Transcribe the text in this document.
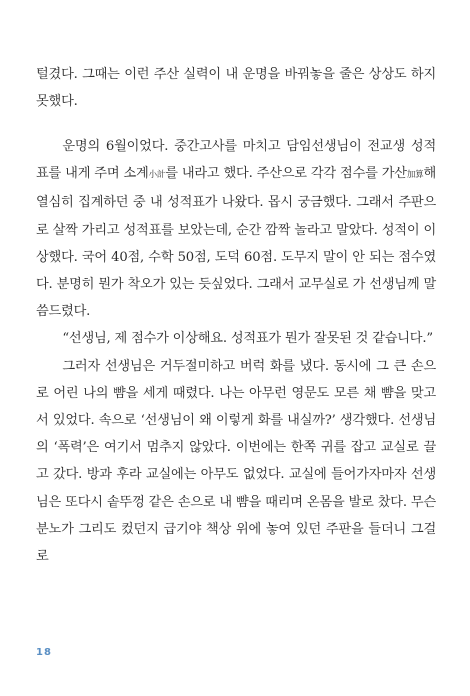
털겼다. 그때는 이런 주산 실력이 내 운명을 바꿔놓을 줄은 상상도 하지 못했다.

운명의 6월이었다. 중간고사를 마치고 담임선생님이 전교생 성적표를 내게 주며 소계小計를 내라고 했다. 주산으로 각각 점수를 가산加算해 열심히 집계하던 중 내 성적표가 나왔다. 몹시 궁금했다. 그래서 주판으로 살짝 가리고 성적표를 보았는데, 순간 깜짝 놀라고 말았다. 성적이 이상했다. 국어 40점, 수학 50점, 도덕 60점. 도무지 말이 안 되는 점수였다. 분명히 뭔가 착오가 있는 듯싶었다. 그래서 교무실로 가 선생님께 말씀드렸다.

“선생님, 제 점수가 이상해요. 성적표가 뭔가 잘못된 것 같습니다.”

그러자 선생님은 거두절미하고 버럭 화를 냈다. 동시에 그 큰 손으로 어린 나의 뺨을 세게 때렸다. 나는 아무런 영문도 모른 채 뺨을 맞고 서 있었다. 속으로 ‘선생님이 왜 이렇게 화를 내실까?’ 생각했다. 선생님의 ‘폭력’은 여기서 멈추지 않았다. 이번에는 한쪽 귀를 잡고 교실로 끌고 갔다. 방과 후라 교실에는 아무도 없었다. 교실에 들어가자마자 선생님은 또다시 솥뚜껑 같은 손으로 내 뺨을 때리며 온몸을 발로 찼다. 무슨 분노가 그리도 컸던지 급기야 책상 위에 놓여 있던 주판을 들더니 그걸로

18
